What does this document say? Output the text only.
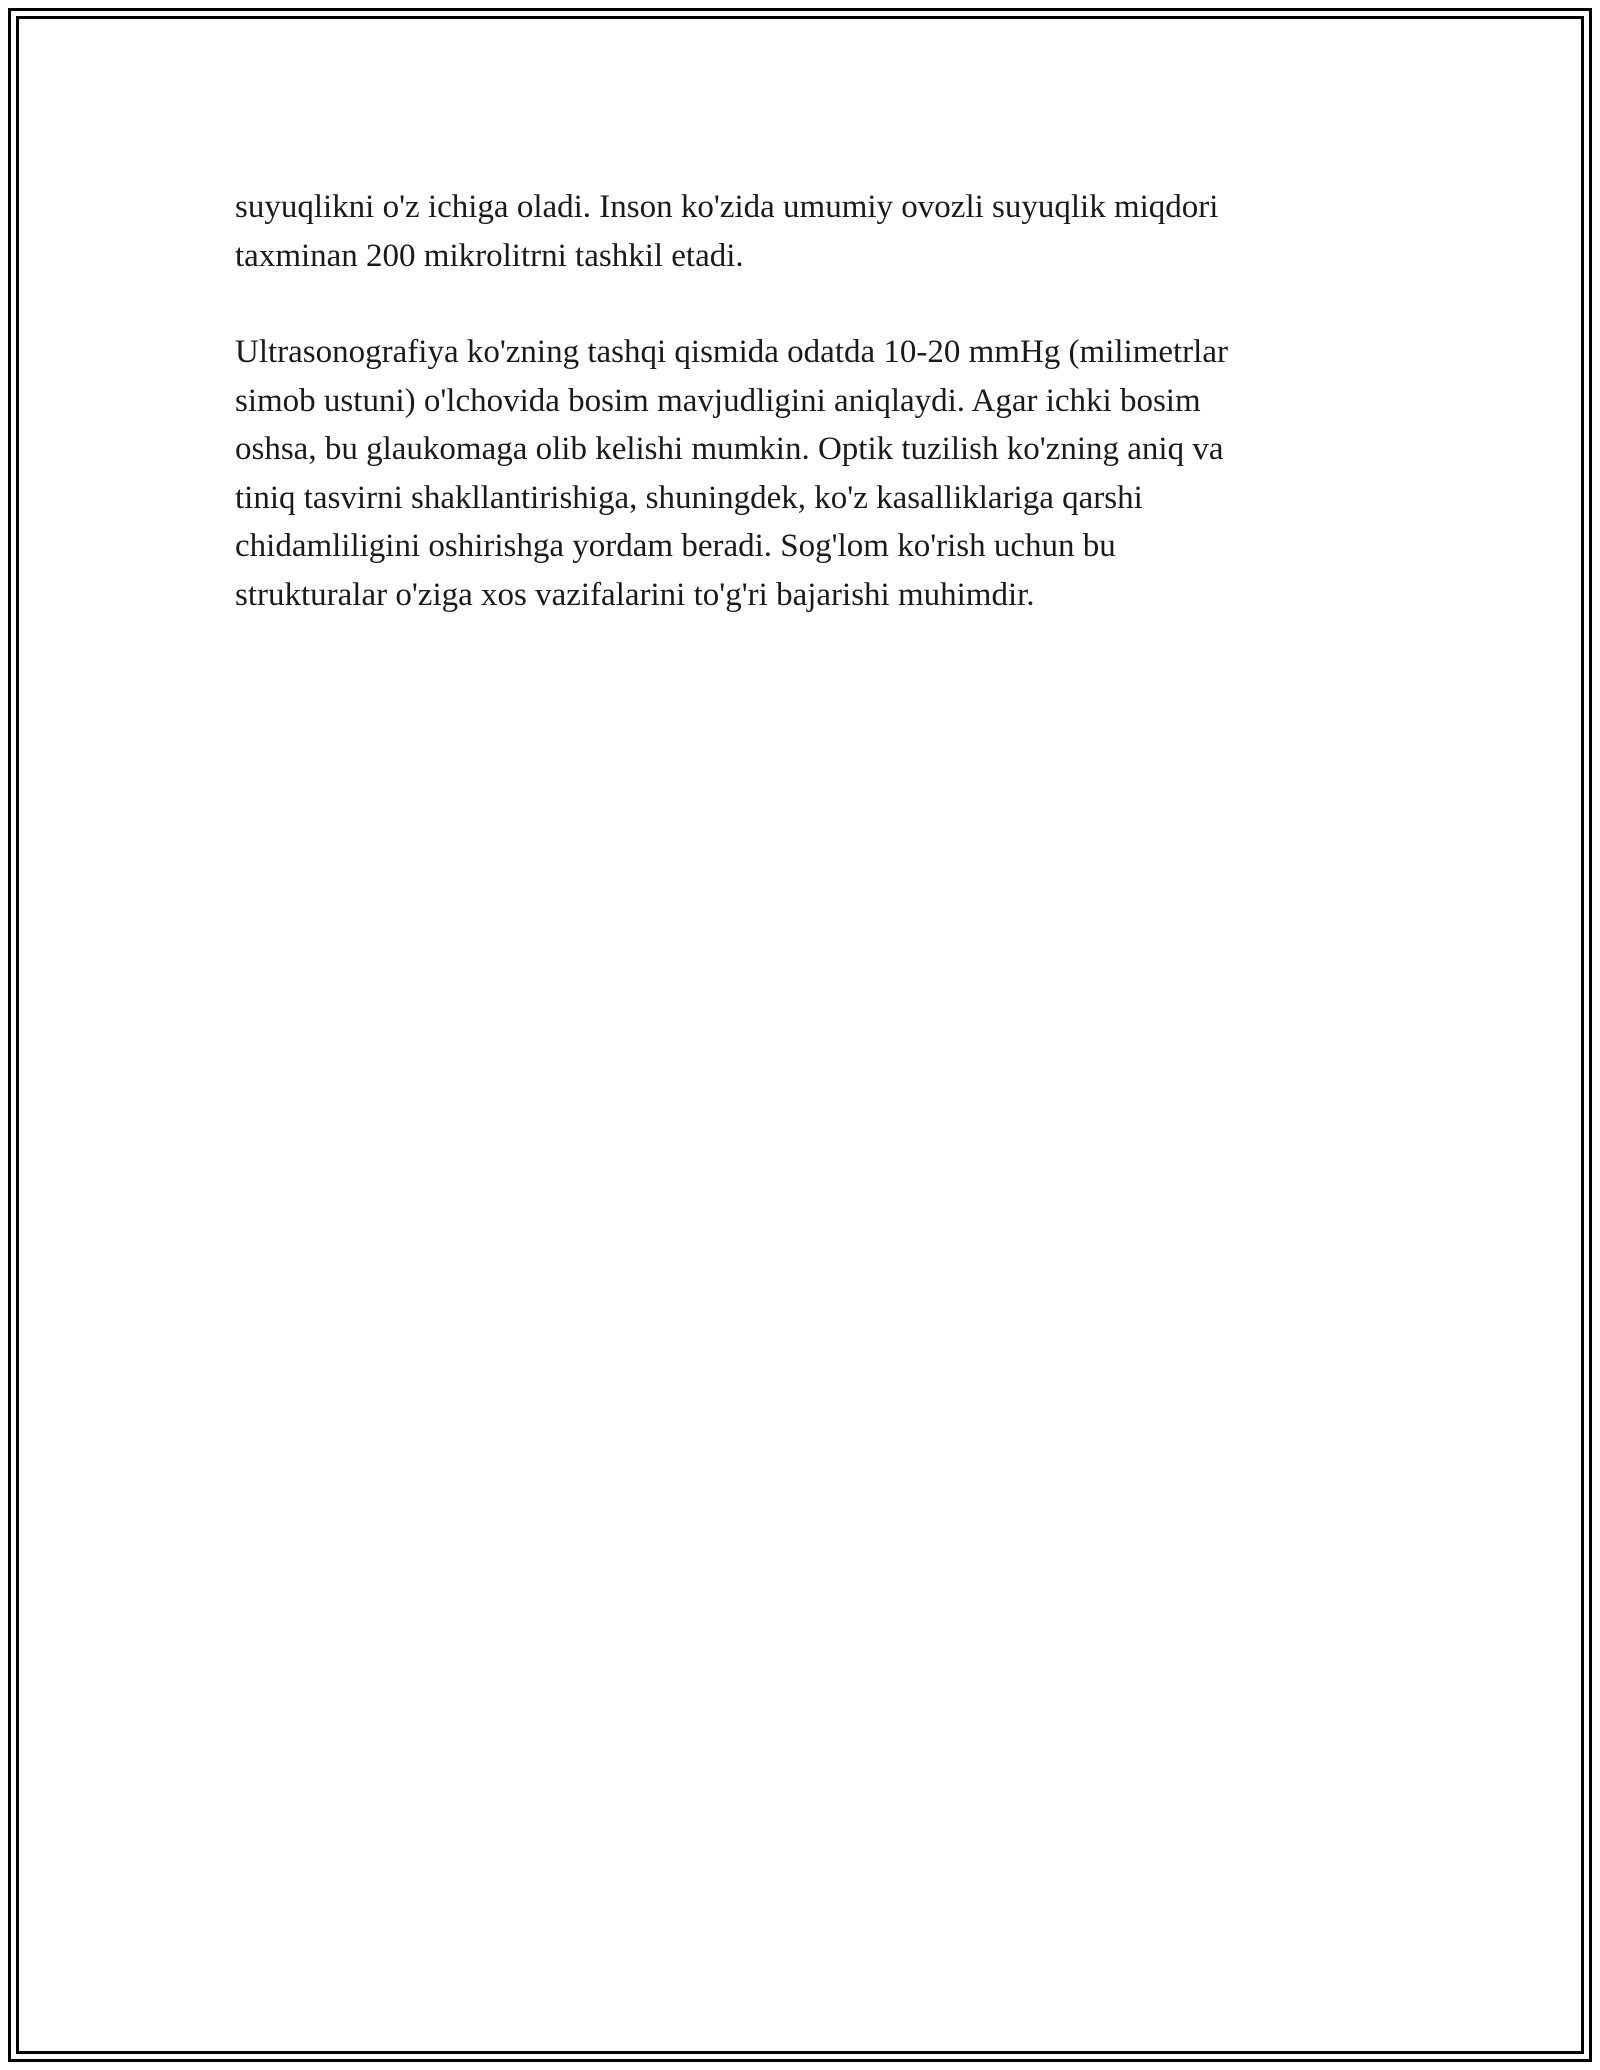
suyuqlikni o'z ichiga oladi. Inson ko'zida umumiy ovozli suyuqlik miqdori
taxminan 200 mikrolitrni tashkil etadi.

Ultrasonografiya ko'zning tashqi qismida odatda 10-20 mmHg (milimetrlar
simob ustuni) o'lchovida bosim mavjudligini aniqlaydi. Agar ichki bosim
oshsa, bu glaukomaga olib kelishi mumkin. Optik tuzilish ko'zning aniq va
tiniq tasvirni shakllantirishiga, shuningdek, ko'z kasalliklariga qarshi
chidamliligini oshirishga yordam beradi. Sog'lom ko'rish uchun bu
strukturalar o'ziga xos vazifalarini to'g'ri bajarishi muhimdir.
